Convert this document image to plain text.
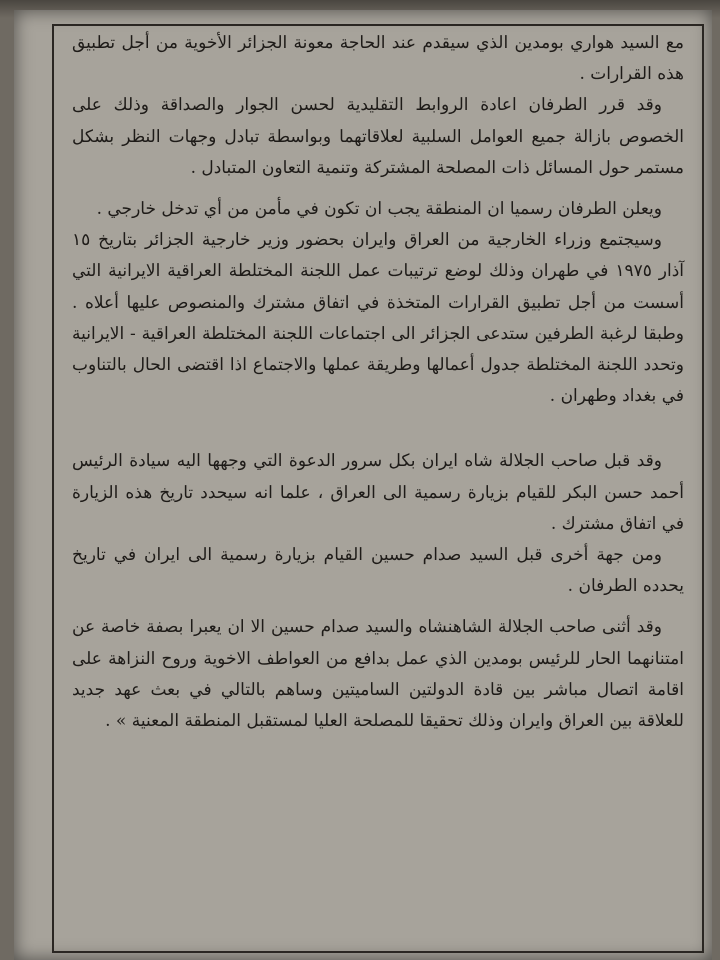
مع السيد هواري بومدين الذي سيقدم عند الحاجة معونة الجزائر الأخوية من أجل تطبيق هذه القرارات .

وقد قرر الطرفان اعادة الروابط التقليدية لحسن الجوار والصداقة وذلك على الخصوص بازالة جميع العوامل السلبية لعلاقاتهما وبواسطة تبادل وجهات النظر بشكل مستمر حول المسائل ذات المصلحة المشتركة وتنمية التعاون المتبادل .

ويعلن الطرفان رسميا ان المنطقة يجب ان تكون في مأمن من أي تدخل خارجي .

وسيجتمع وزراء الخارجية من العراق وايران بحضور وزير خارجية الجزائر بتاريخ ١٥ آذار ١٩٧٥ في طهران وذلك لوضع ترتيبات عمل اللجنة المختلطة العراقية الايرانية التي أسست من أجل تطبيق القرارات المتخذة في اتفاق مشترك والمنصوص عليها أعلاه . وطبقا لرغبة الطرفين ستدعى الجزائر الى اجتماعات اللجنة المختلطة العراقية - الايرانية وتحدد اللجنة المختلطة جدول أعمالها وطريقة عملها والاجتماع اذا اقتضى الحال بالتناوب في بغداد وطهران .

وقد قبل صاحب الجلالة شاه ايران بكل سرور الدعوة التي وجهها اليه سيادة الرئيس أحمد حسن البكر للقيام بزيارة رسمية الى العراق ، علما انه سيحدد تاريخ هذه الزيارة في اتفاق مشترك .

ومن جهة أخرى قبل السيد صدام حسين القيام بزيارة رسمية الى ايران في تاريخ يحدده الطرفان .

وقد أثنى صاحب الجلالة الشاهنشاه والسيد صدام حسين الا ان يعبرا بصفة خاصة عن امتنانهما الحار للرئيس بومدين الذي عمل بدافع من العواطف الاخوية وروح النزاهة على اقامة اتصال مباشر بين قادة الدولتين الساميتين وساهم بالتالي في بعث عهد جديد للعلاقة بين العراق وايران وذلك تحقيقا للمصلحة العليا لمستقبل المنطقة المعنية » .
